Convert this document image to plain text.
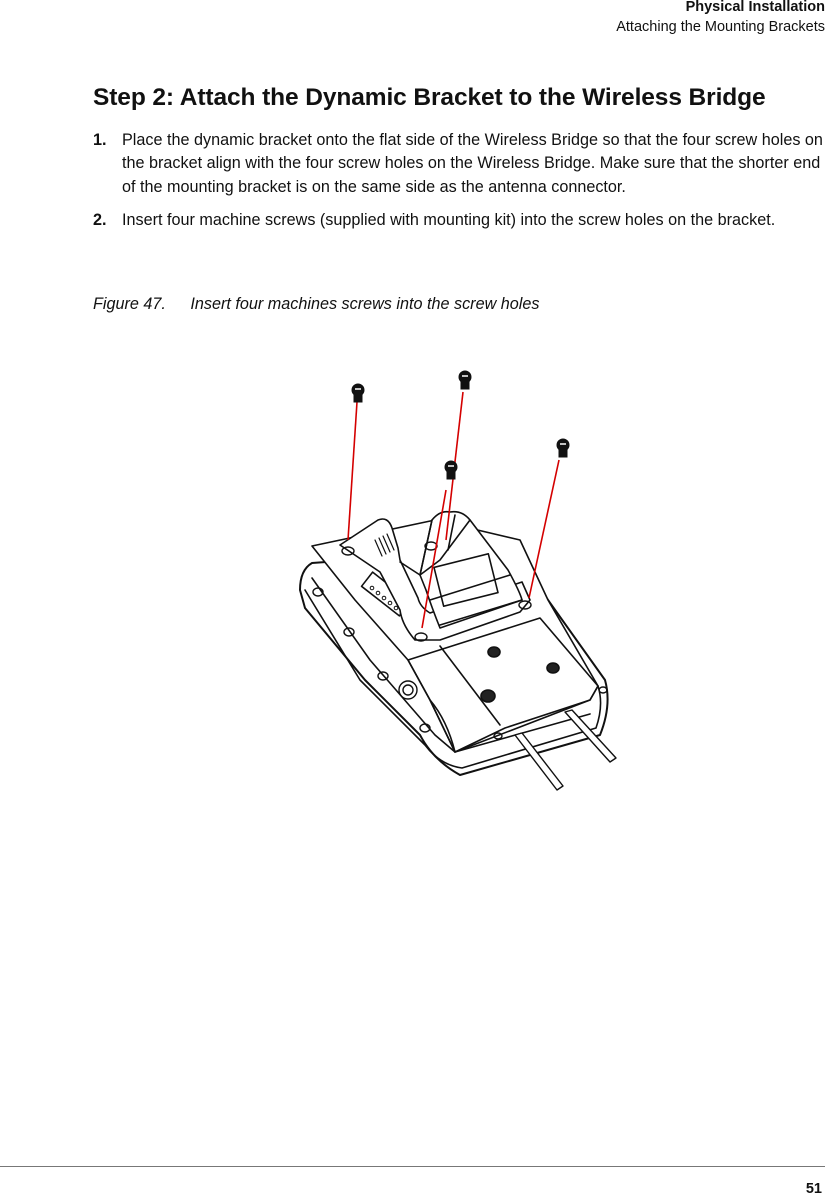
Physical Installation
Attaching the Mounting Brackets
Step 2: Attach the Dynamic Bracket to the Wireless Bridge
1. Place the dynamic bracket onto the flat side of the Wireless Bridge so that the four screw holes on the bracket align with the four screw holes on the Wireless Bridge. Make sure that the shorter end of the mounting bracket is on the same side as the antenna connector.
2. Insert four machine screws (supplied with mounting kit) into the screw holes on the bracket.
Figure 47. Insert four machines screws into the screw holes
51
